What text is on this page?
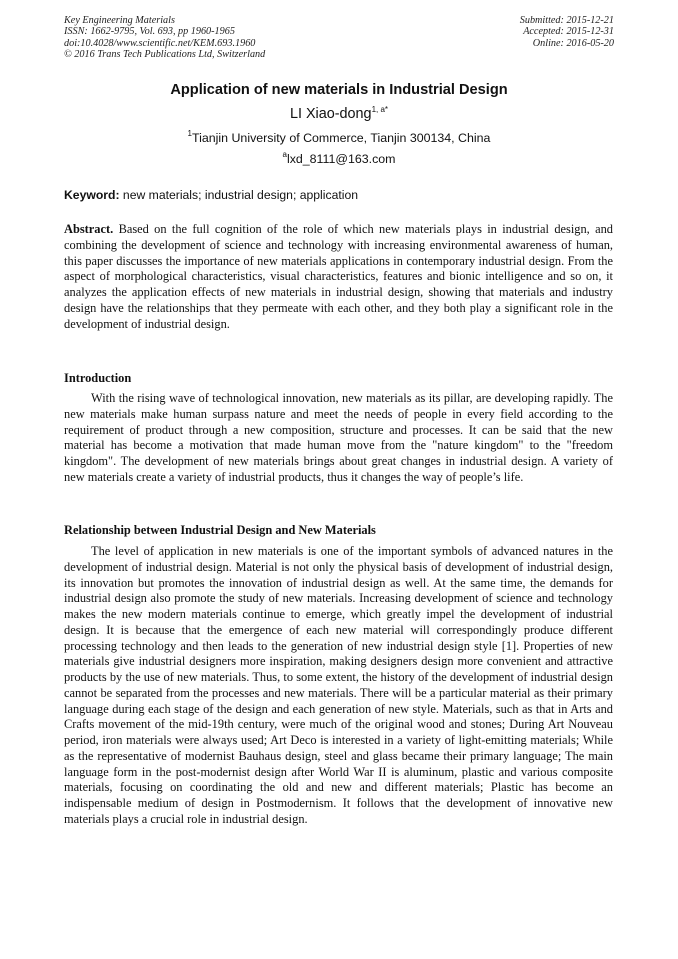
Key Engineering Materials
ISSN: 1662-9795, Vol. 693, pp 1960-1965
doi:10.4028/www.scientific.net/KEM.693.1960
© 2016 Trans Tech Publications Ltd, Switzerland
Submitted: 2015-12-21
Accepted: 2015-12-31
Online: 2016-05-20
Application of new materials in Industrial Design
LI Xiao-dong$^{1, a*}$
$^1$Tianjin University of Commerce, Tianjin 300134, China
$^a$lxd_8111@163.com
Keyword: new materials; industrial design; application

Abstract. Based on the full cognition of the role of which new materials plays in industrial design, and combining the development of science and technology with increasing environmental awareness of human, this paper discusses the importance of new materials applications in contemporary industrial design. From the aspect of morphological characteristics, visual characteristics, features and bionic intelligence and so on, it analyzes the application effects of new materials in industrial design, showing that materials and industry design have the relationships that they permeate with each other, and they both play a significant role in the development of industrial design.

Introduction

With the rising wave of technological innovation, new materials as its pillar, are developing rapidly. The new materials make human surpass nature and meet the needs of people in every field according to the requirement of product through a new composition, structure and processes. It can be said that the new material has become a motivation that made human move from the "nature kingdom" to the "freedom kingdom". The development of new materials brings about great changes in industrial design. A variety of new materials create a variety of industrial products, thus it changes the way of people’s life.

Relationship between Industrial Design and New Materials

The level of application in new materials is one of the important symbols of advanced natures in the development of industrial design. Material is not only the physical basis of development of industrial design, its innovation but promotes the innovation of industrial design as well. At the same time, the demands for industrial design also promote the study of new materials. Increasing development of science and technology makes the new modern materials continue to emerge, which greatly impel the development of industrial design. It is because that the emergence of each new material will correspondingly produce different processing technology and then leads to the generation of new industrial design style [1]. Properties of new materials give industrial designers more inspiration, making designers design more convenient and attractive products by the use of new materials. Thus, to some extent, the history of the development of industrial design cannot be separated from the processes and new materials. There will be a particular material as their primary language during each stage of the design and each generation of new style. Materials, such as that in Arts and Crafts movement of the mid-19th century, were much of the original wood and stones; During Art Nouveau period, iron materials were always used; Art Deco is interested in a variety of light-emitting materials; While as the representative of modernist Bauhaus design, steel and glass became their primary language; The main language form in the post-modernist design after World War II is aluminum, plastic and various composite materials, focusing on coordinating the old and new and different materials; Plastic has become an indispensable medium of design in Postmodernism. It follows that the development of innovative new materials plays a crucial role in industrial design.
